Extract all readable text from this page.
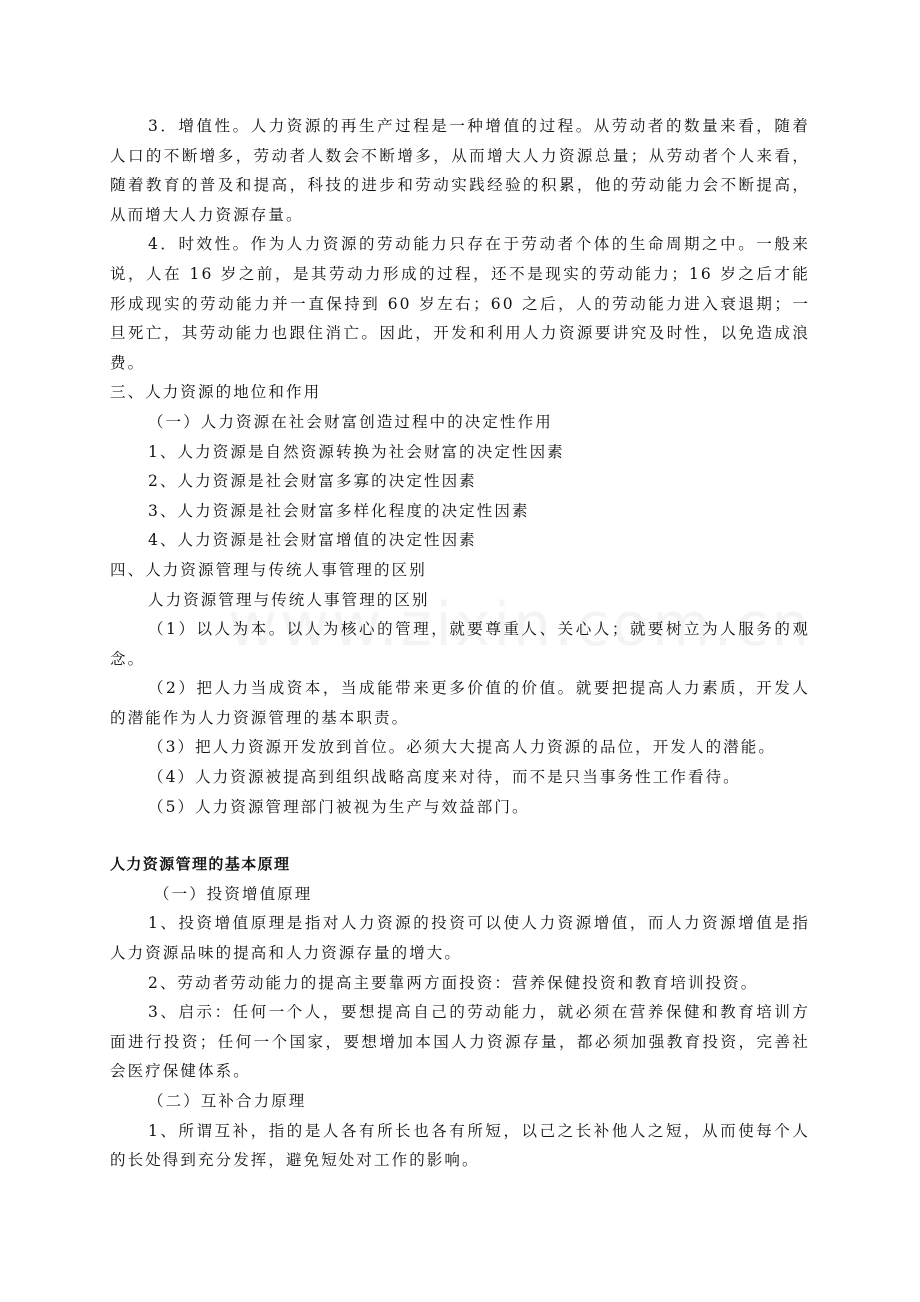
3．增值性。人力资源的再生产过程是一种增值的过程。从劳动者的数量来看，随着人口的不断增多，劳动者人数会不断增多，从而增大人力资源总量；从劳动者个人来看，随着教育的普及和提高，科技的进步和劳动实践经验的积累，他的劳动能力会不断提高，从而增大人力资源存量。

4．时效性。作为人力资源的劳动能力只存在于劳动者个体的生命周期之中。一般来说，人在 16 岁之前，是其劳动力形成的过程，还不是现实的劳动能力；16 岁之后才能形成现实的劳动能力并一直保持到 60 岁左右；60 之后，人的劳动能力进入衰退期；一旦死亡，其劳动能力也跟住消亡。因此，开发和利用人力资源要讲究及时性，以免造成浪费。

三、人力资源的地位和作用

（一）人力资源在社会财富创造过程中的决定性作用

1、人力资源是自然资源转换为社会财富的决定性因素

2、人力资源是社会财富多寡的决定性因素

3、人力资源是社会财富多样化程度的决定性因素

4、人力资源是社会财富增值的决定性因素

四、人力资源管理与传统人事管理的区别

人力资源管理与传统人事管理的区别

（1）以人为本。以人为核心的管理，就要尊重人、关心人；就要树立为人服务的观念。

（2）把人力当成资本，当成能带来更多价值的价值。就要把提高人力素质，开发人的潜能作为人力资源管理的基本职责。

（3）把人力资源开发放到首位。必须大大提高人力资源的品位，开发人的潜能。

（4）人力资源被提高到组织战略高度来对待，而不是只当事务性工作看待。

（5）人力资源管理部门被视为生产与效益部门。

人力资源管理的基本原理

（一）投资增值原理

1、投资增值原理是指对人力资源的投资可以使人力资源增值，而人力资源增值是指人力资源品味的提高和人力资源存量的增大。

2、劳动者劳动能力的提高主要靠两方面投资：营养保健投资和教育培训投资。

3、启示：任何一个人，要想提高自己的劳动能力，就必须在营养保健和教育培训方面进行投资；任何一个国家，要想增加本国人力资源存量，都必须加强教育投资，完善社会医疗保健体系。

（二）互补合力原理

1、所谓互补，指的是人各有所长也各有所短，以己之长补他人之短，从而使每个人的长处得到充分发挥，避免短处对工作的影响。
